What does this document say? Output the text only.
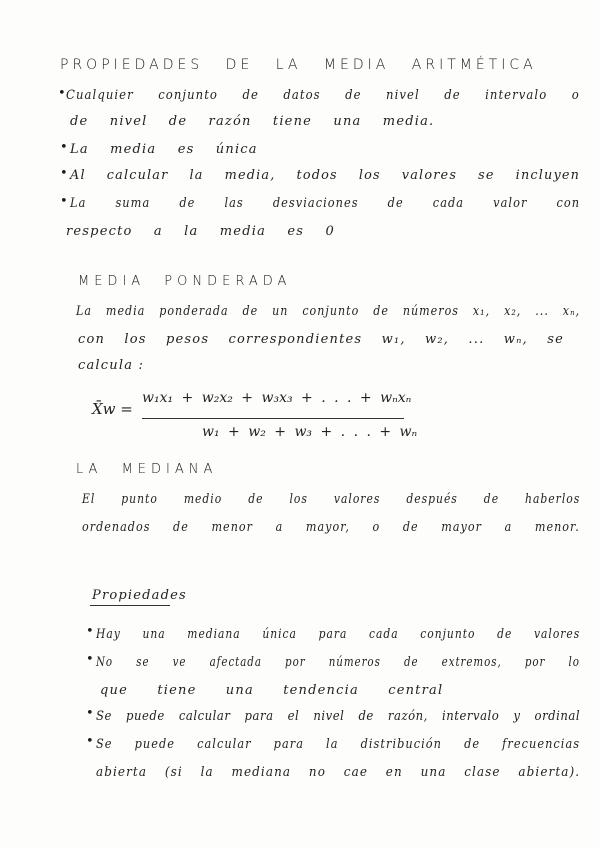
PROPIEDADES DE LA MEDIA ARITMÉTICA
• Cualquier conjunto de datos de nivel de intervalo o
de nivel de razón tiene una media.
• La media es única
• Al calcular la media, todos los valores se incluyen
• La suma de las desviaciones de cada valor con
respecto a la media es 0
MEDIA PONDERADA
La media ponderada de un conjunto de números x₁, x₂, ... xₙ,
con los pesos correspondientes w₁, w₂, ... wₙ, se
calcula :
X̄w =
w₁x₁ + w₂x₂ + w₃x₃ + . . . + wₙxₙ
w₁ + w₂ + w₃ + . . . + wₙ
LA MEDIANA
El punto medio de los valores después de haberlos
ordenados de menor a mayor, o de mayor a menor.
Propiedades
• Hay una mediana única para cada conjunto de valores
• No se ve afectada por números de extremos, por lo
que tiene una tendencia central
• Se puede calcular para el nivel de razón, intervalo y ordinal
• Se puede calcular para la distribución de frecuencias
abierta (si la mediana no cae en una clase abierta).
